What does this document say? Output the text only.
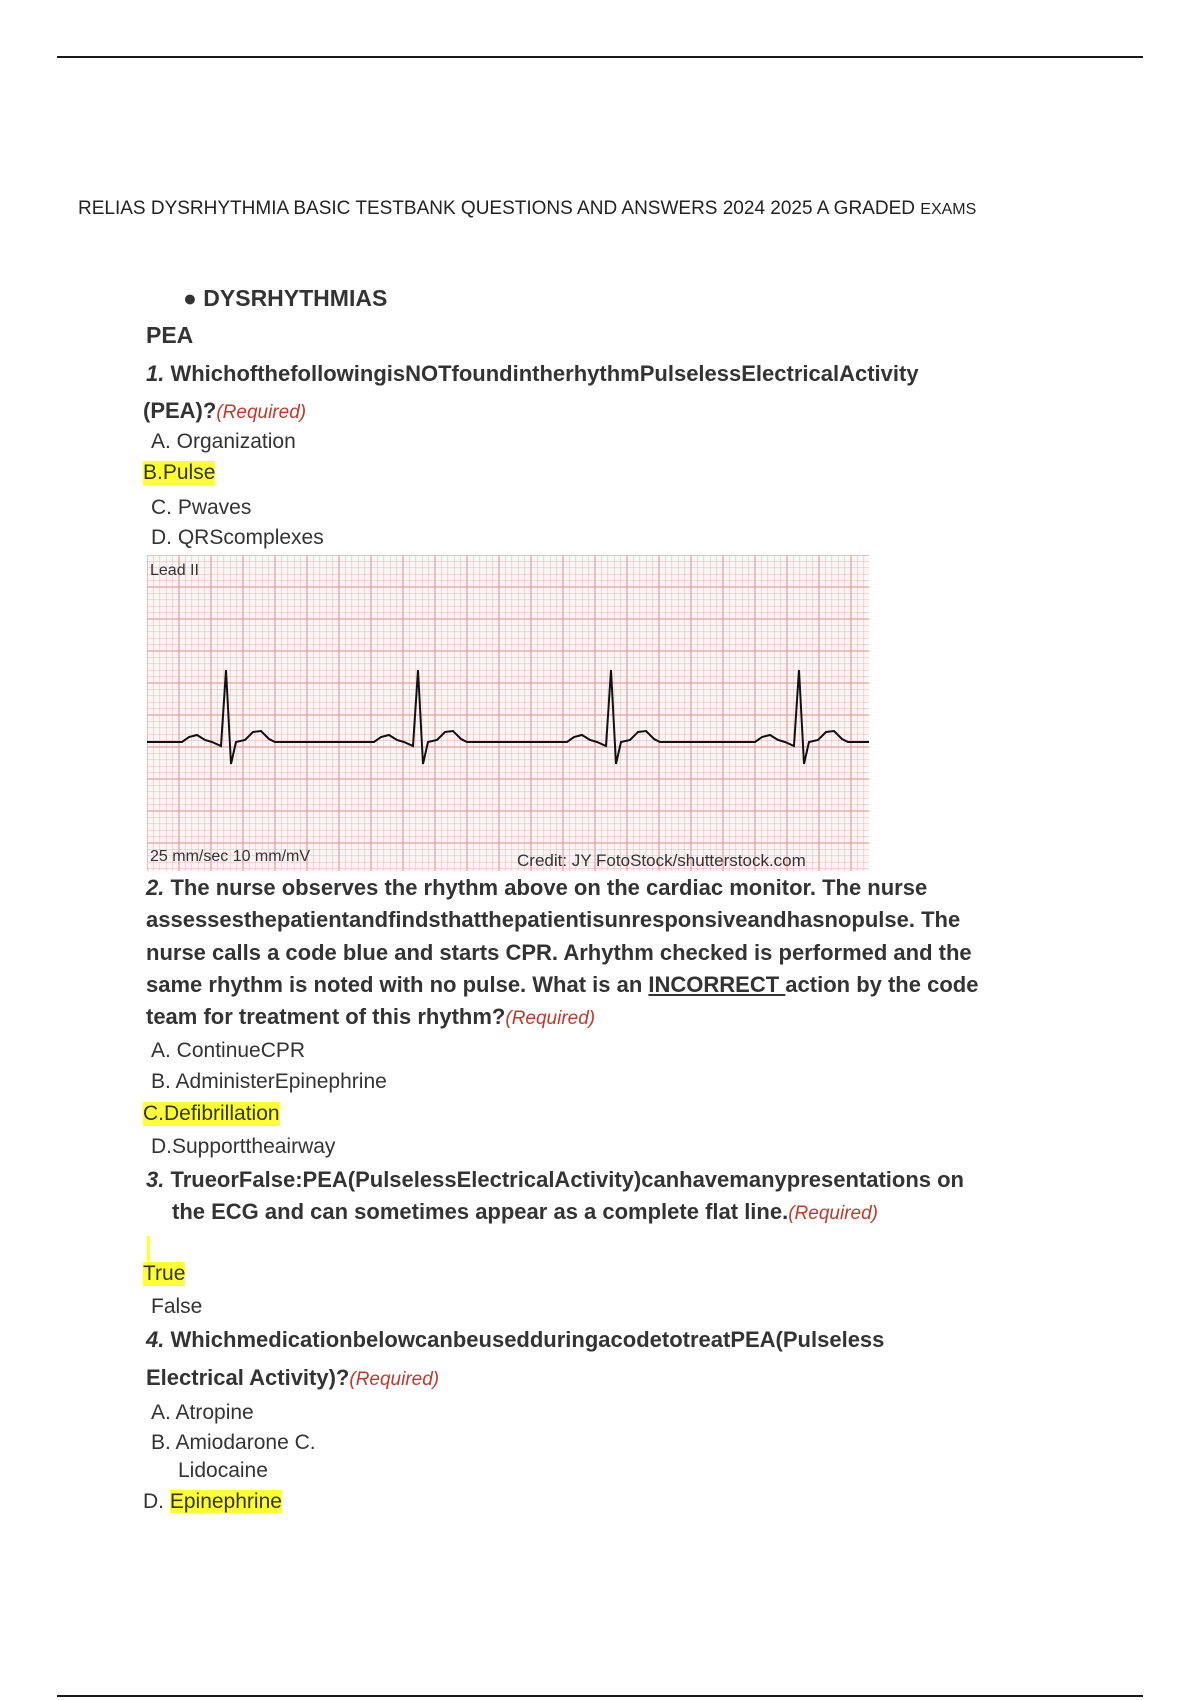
RELIAS DYSRHYTHMIA BASIC TESTBANK QUESTIONS AND ANSWERS 2024 2025 A GRADED EXAMS
● DYSRHYTHMIAS
PEA
1. WhichofthefollowingisNOTfoundintherhythmPulselessElectricalActivity
(PEA)?(Required)
A. Organization
B.Pulse
C. Pwaves
D. QRScomplexes
Lead II
25 mm/sec 10 mm/mV	Credit: JY FotoStock/shutterstock.com
2. The nurse observes the rhythm above on the cardiac monitor. The nurse
assessesthepatientandfindsthatthepatientisunresponsiveandhasnopulse. The
nurse calls a code blue and starts CPR. Arhythm checked is performed and the
same rhythm is noted with no pulse. What is an INCORRECT action by the code
team for treatment of this rhythm?(Required)
A. ContinueCPR
B. AdministerEpinephrine
C.Defibrillation
D.Supporttheairway
3. TrueorFalse:PEA(PulselessElectricalActivity)canhavemanypresentations on
the ECG and can sometimes appear as a complete flat line.(Required)
True
False
4. WhichmedicationbelowcanbeusedduringacodetotreatPEA(Pulseless
Electrical Activity)?(Required)
A. Atropine
B. Amiodarone C.
Lidocaine
D. Epinephrine
